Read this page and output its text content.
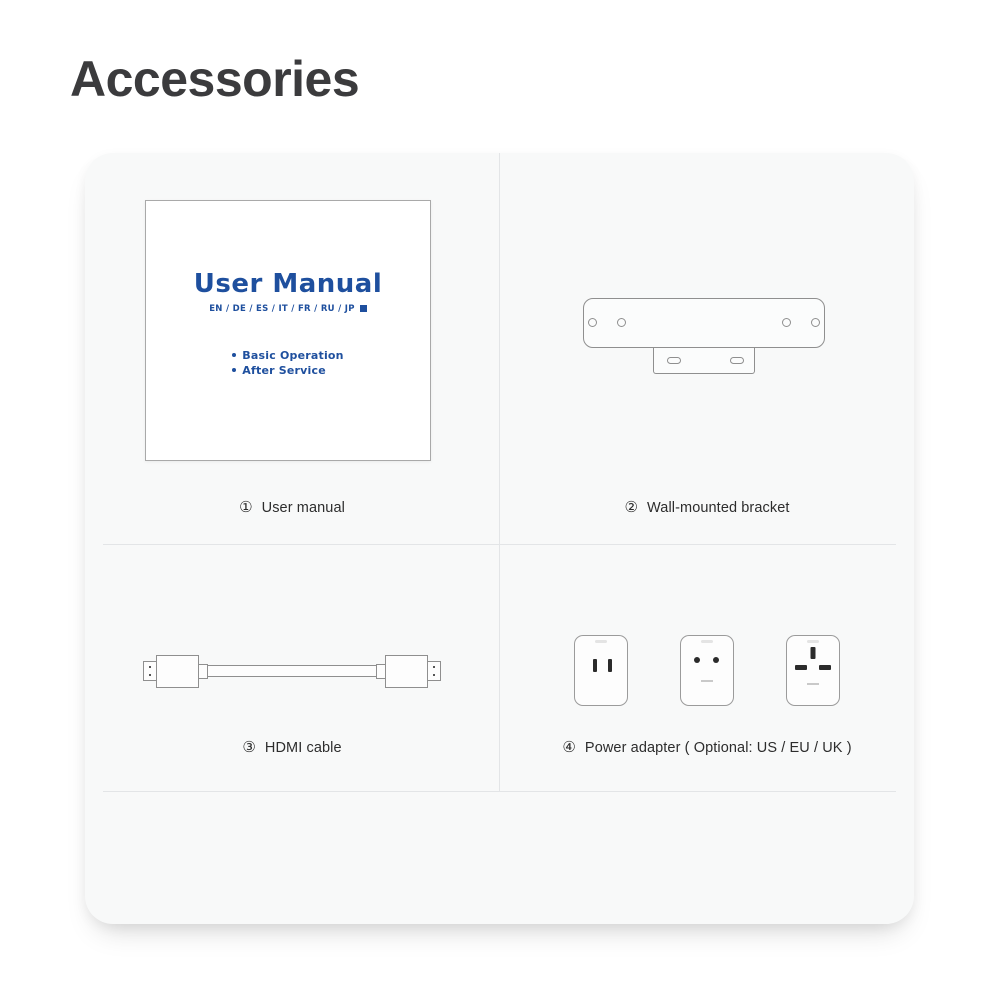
Accessories
User Manual
EN / DE / ES / IT / FR / RU / JP
Basic Operation
After Service
① User manual	② Wall-mounted bracket
③ HDMI cable	④ Power adapter ( Optional: US / EU / UK )
